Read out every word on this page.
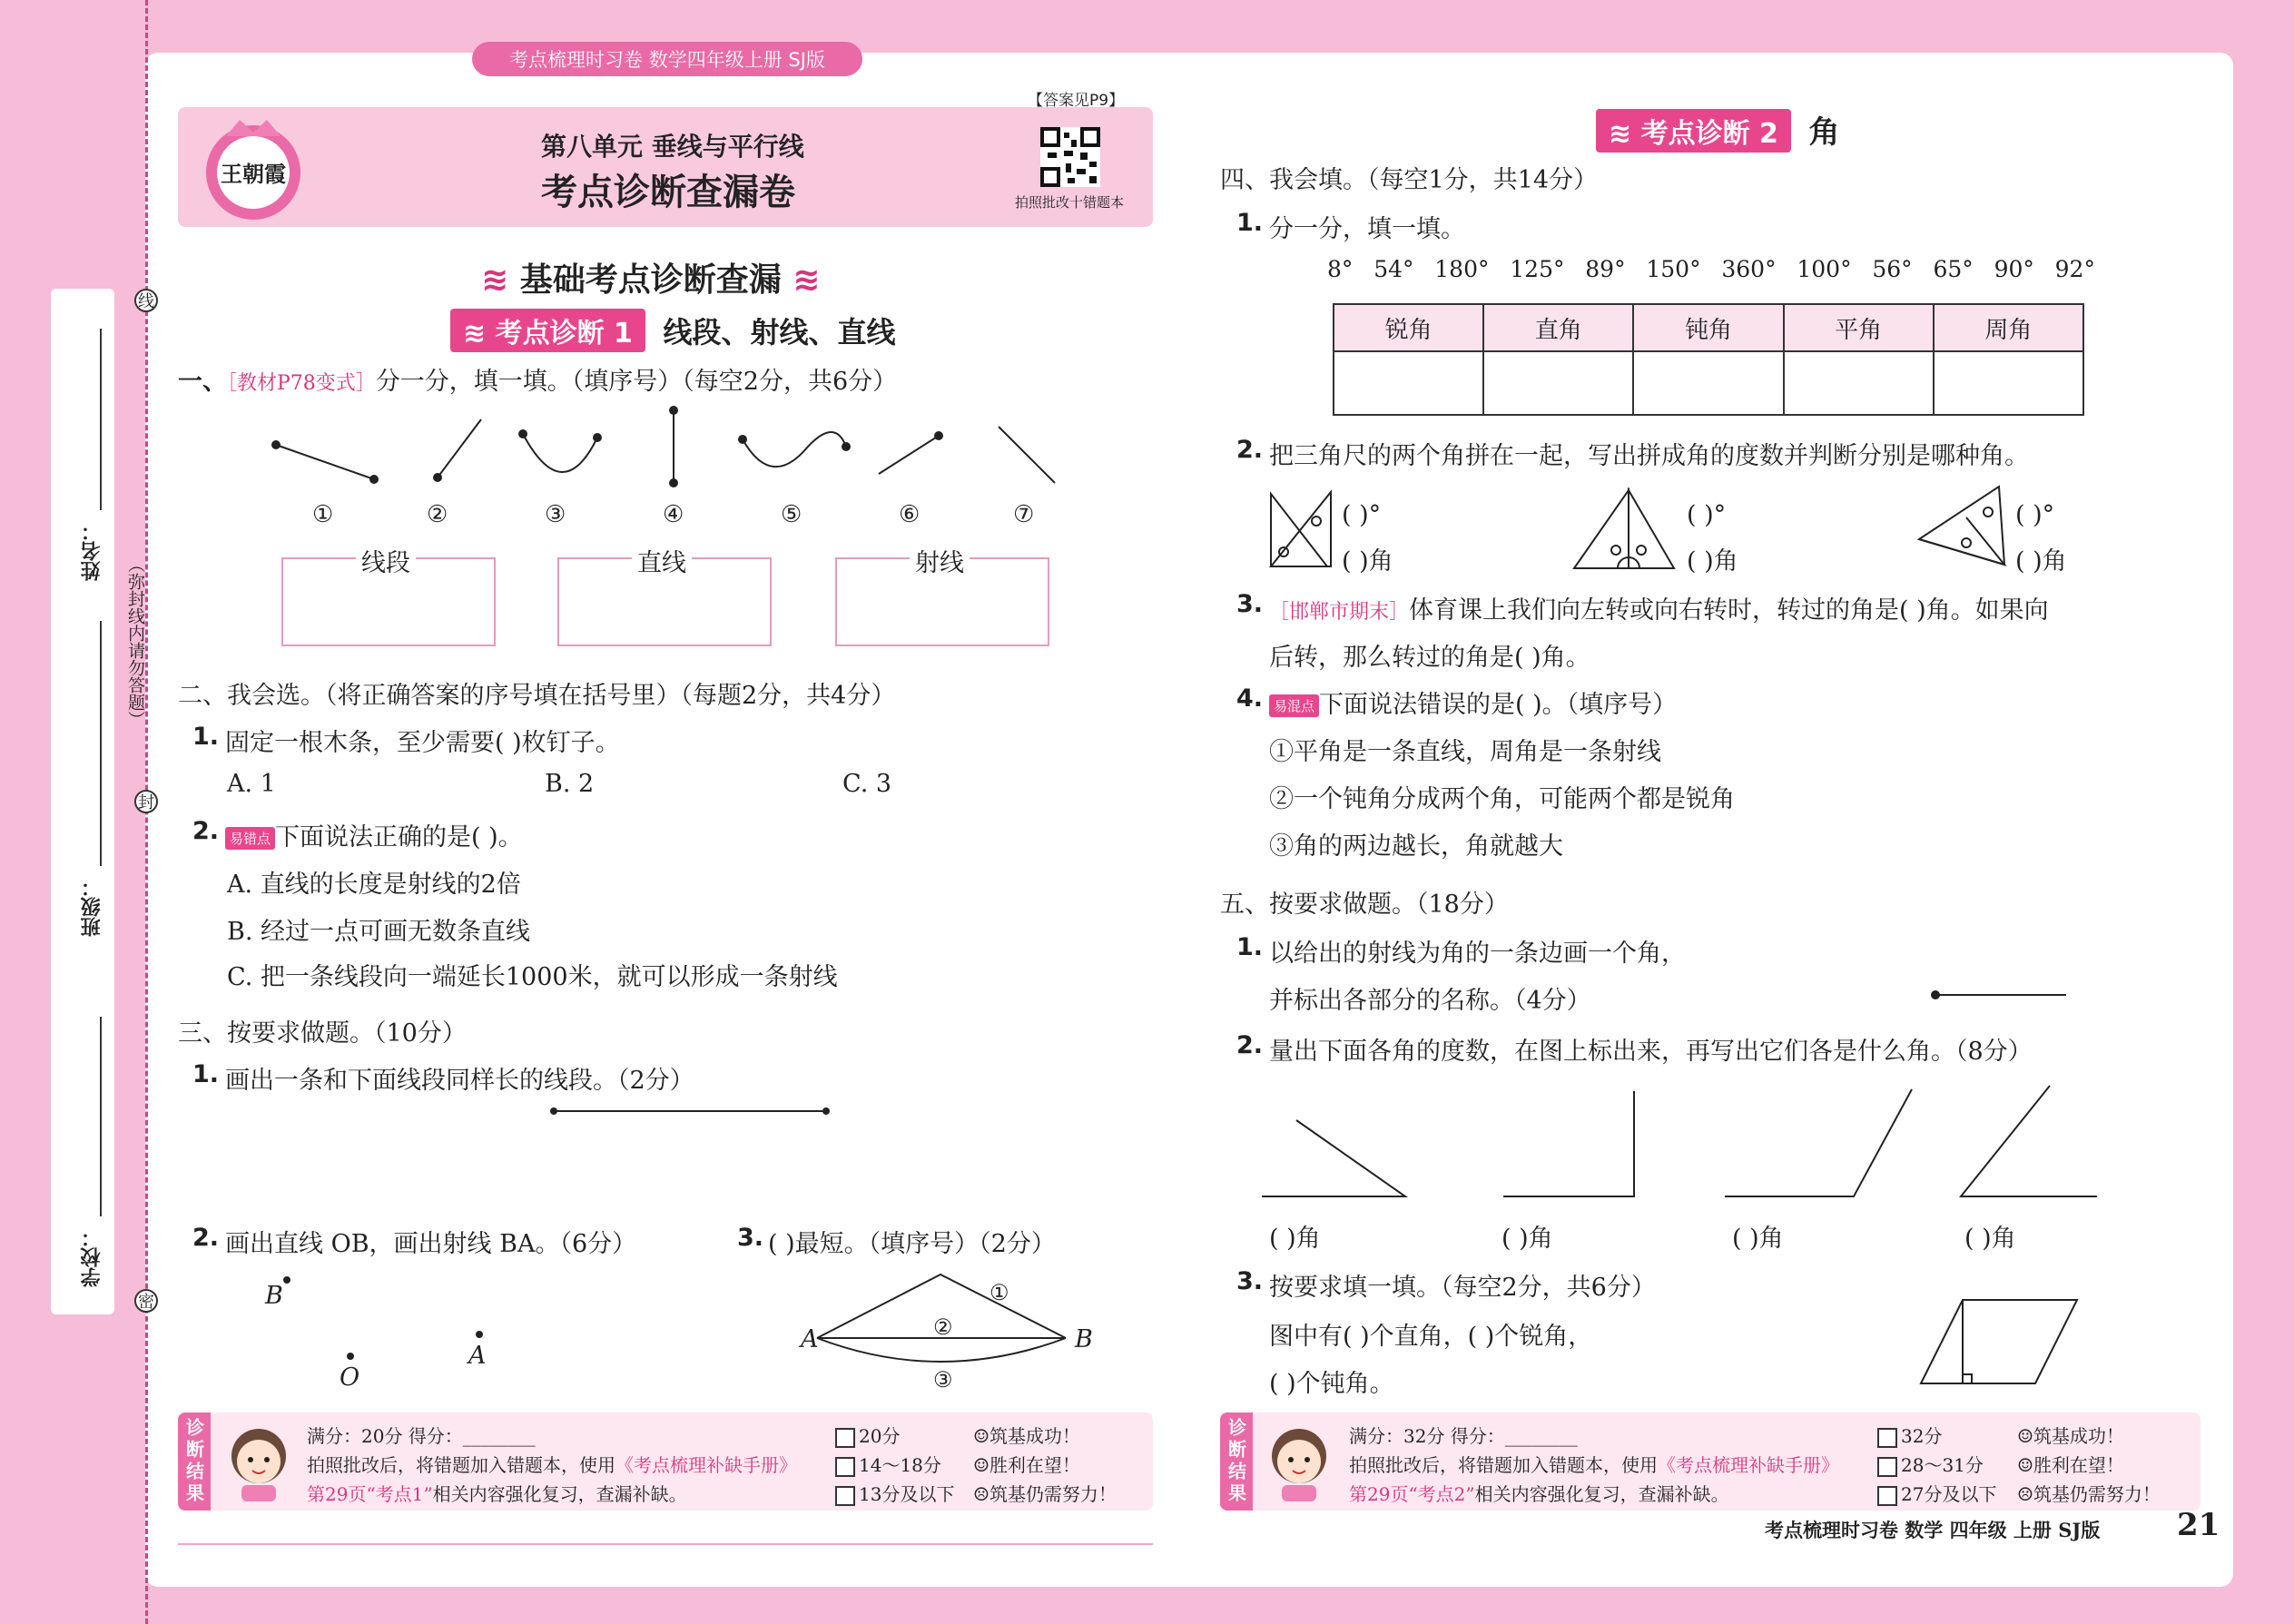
考点梳理时习卷 数学四年级上册 SJ版
姓名：
班级：
学校：
线
封
密
（弥封线内请勿答题）
王朝霞
【答案见P9】
第八单元 垂线与平行线
考点诊断查漏卷	拍照批改十错题本
≋ 基础考点诊断查漏 ≋
≋ 考点诊断 1 线段、射线、直线
一、［教材P78变式］分一分，填一填。（填序号）（每空2分，共6分）
①	②	③	④	⑤	⑥	⑦
线段	直线	射线
二、我会选。（将正确答案的序号填在括号里）（每题2分，共4分）
1. 固定一根木条，至少需要( )枚钉子。
A. 1	B. 2	C. 3
2. 易错点 下面说法正确的是( )。
A. 直线的长度是射线的2倍
B. 经过一点可画无数条直线
C. 把一条线段向一端延长1000米，就可以形成一条射线
三、按要求做题。（10分）
1. 画出一条和下面线段同样长的线段。（2分）
2. 画出直线 OB，画出射线 BA。（6分）	3. ( )最短。（填序号）（2分）
B
O
A
A	B
①
②
③
诊断结果	满分：20分 得分：________
拍照批改后，将错题加入错题本，使用《考点梳理补缺手册》
第29页“考点1”相关内容强化复习，查漏补缺。
20分
14～18分
13分及以下
☺筑基成功！
☺胜利在望！
☹筑基仍需努力！
≋ 考点诊断 2 角
四、我会填。（每空1分，共14分）
1. 分一分，填一填。
8° 54° 180° 125° 89° 150° 360° 100° 56° 65° 90° 92°
锐角	直角	钝角	平角	周角

2. 把三角尺的两个角拼在一起，写出拼成角的度数并判断分别是哪种角。
( )°
( )角
( )°
( )角
( )°
( )角
3. ［邯郸市期末］体育课上我们向左转或向右转时，转过的角是( )角。如果向
后转，那么转过的角是( )角。
4. 易混点 下面说法错误的是( )。（填序号）
①平角是一条直线，周角是一条射线
②一个钝角分成两个角，可能两个都是锐角
③角的两边越长，角就越大
五、按要求做题。（18分）
1. 以给出的射线为角的一条边画一个角，
并标出各部分的名称。（4分）
2. 量出下面各角的度数，在图上标出来，再写出它们各是什么角。（8分）
( )角	( )角	( )角	( )角
3. 按要求填一填。（每空2分，共6分）
图中有( )个直角，( )个锐角，
( )个钝角。
诊断结果	满分：32分 得分：________
拍照批改后，将错题加入错题本，使用《考点梳理补缺手册》
第29页“考点2”相关内容强化复习，查漏补缺。
32分
28～31分
27分及以下
☺筑基成功！
☺胜利在望！
☹筑基仍需努力！
考点梳理时习卷 数学 四年级 上册 SJ版 21
